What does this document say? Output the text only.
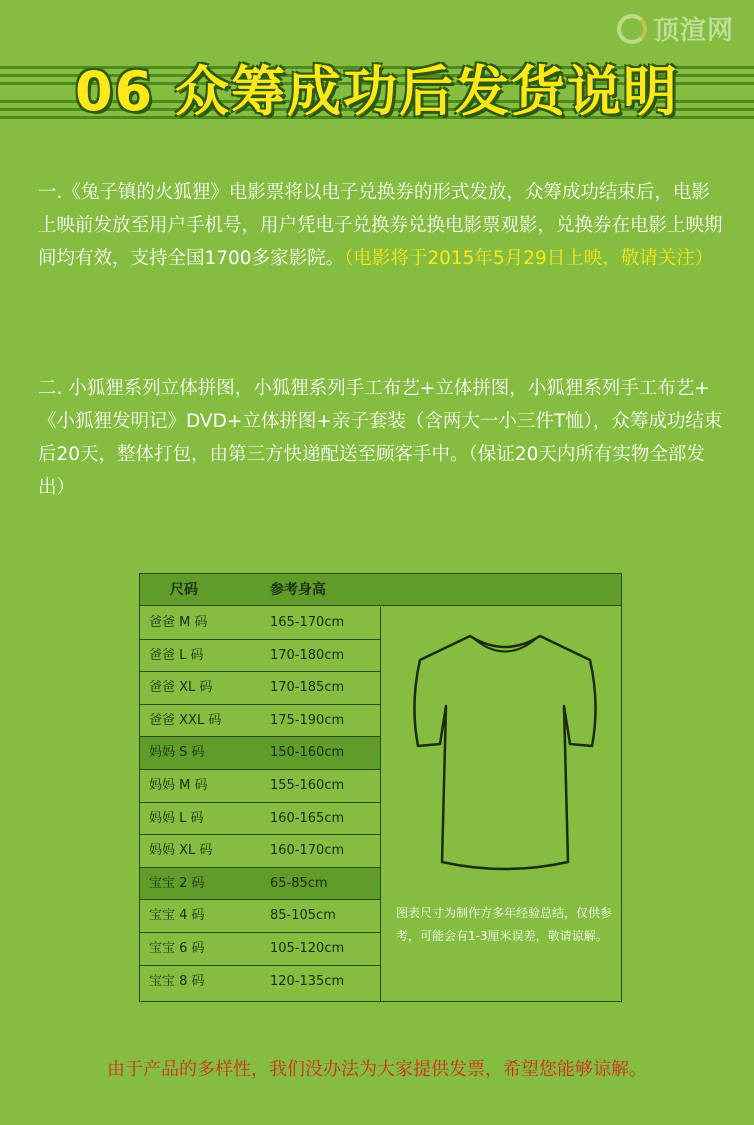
顶渲网
06 众筹成功后发货说明
一.《兔子镇的火狐狸》电影票将以电子兑换券的形式发放，众筹成功结束后，电影上映前发放至用户手机号，用户凭电子兑换券兑换电影票观影，兑换券在电影上映期间均有效，支持全国1700多家影院。（电影将于2015年5月29日上映，敬请关注）
二. 小狐狸系列立体拼图，小狐狸系列手工布艺+立体拼图，小狐狸系列手工布艺+《小狐狸发明记》DVD+立体拼图+亲子套装（含两大一小三件T恤），众筹成功结束后20天，整体打包，由第三方快递配送至顾客手中。（保证20天内所有实物全部发出）
尺码	参考身高
爸爸 M 码	165-170cm
爸爸 L 码	170-180cm
爸爸 XL 码	170-185cm
爸爸 XXL 码	175-190cm
妈妈 S 码	150-160cm
妈妈 M 码	155-160cm
妈妈 L 码	160-165cm
妈妈 XL 码	160-170cm
宝宝 2 码	65-85cm
宝宝 4 码	85-105cm
宝宝 6 码	105-120cm
宝宝 8 码	120-135cm
图表尺寸为制作方多年经验总结，仅供参考，可能会有1-3厘米误差，敬请谅解。
由于产品的多样性，我们没办法为大家提供发票，希望您能够谅解。
